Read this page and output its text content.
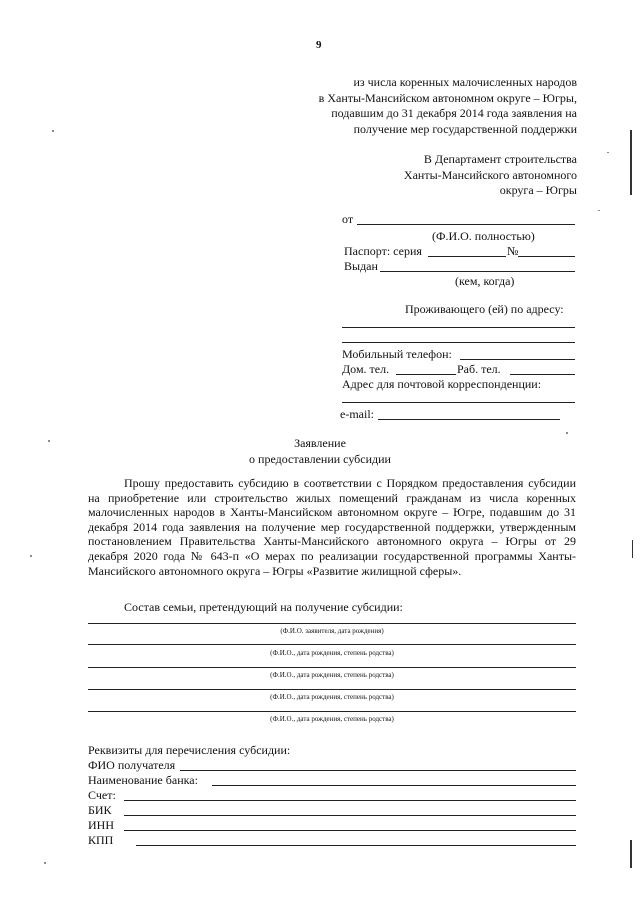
9
из числа коренных малочисленных народов
в Ханты-Мансийском автономном округе – Югры,
подавшим до 31 декабря 2014 года заявления на
получение мер государственной поддержки
В Департамент строительства
Ханты-Мансийского автономного
округа – Югры
от
(Ф.И.О. полностью)
Паспорт: серия	№
Выдан
(кем, когда)
Проживающего (ей) по адресу:
Мобильный телефон:
Дом. тел.	Раб. тел.
Адрес для почтовой корреспонденции:
e-mail:
Заявление
о предоставлении субсидии
Прошу предоставить субсидию в соответствии с Порядком предоставления субсидии на приобретение или строительство жилых помещений гражданам из числа коренных малочисленных народов в Ханты-Мансийском автономном округе – Югре, подавшим до 31 декабря 2014 года заявления на получение мер государственной поддержки, утвержденным постановлением Правительства Ханты-Мансийского автономного округа – Югры от 29 декабря 2020 года № 643-п «О мерах по реализации государственной программы Ханты-Мансийского автономного округа – Югры «Развитие жилищной сферы».
Состав семьи, претендующий на получение субсидии:
(Ф.И.О. заявителя, дата рождения)
(Ф.И.О., дата рождения, степень родства)
(Ф.И.О., дата рождения, степень родства)
(Ф.И.О., дата рождения, степень родства)
(Ф.И.О., дата рождения, степень родства)
Реквизиты для перечисления субсидии:
ФИО получателя
Наименование банка:
Счет:
БИК
ИНН
КПП
